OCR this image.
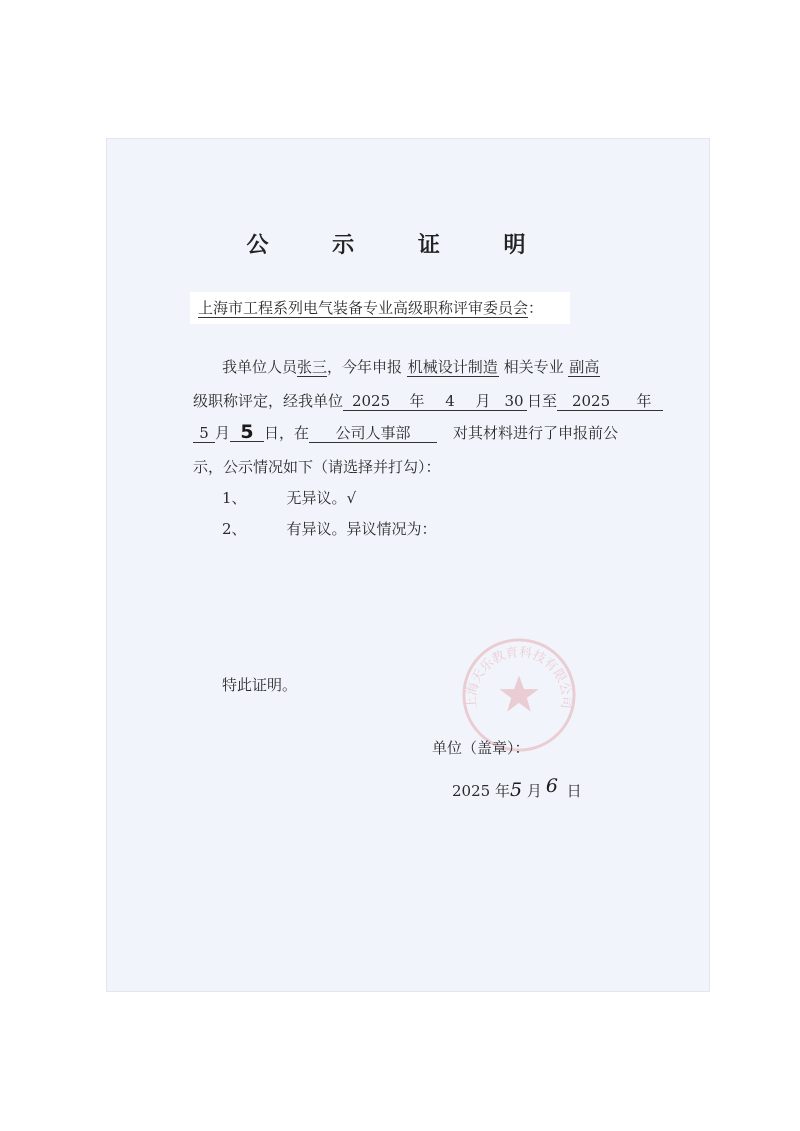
公 示 证 明
上海市工程系列电气装备专业高级职称评审委员会：
我单位人员张三，今年申报 机械设计制造 相关专业 副高
级职称评定，经我单位 2025 年 4 月 30 日至 2025 年
5 月 5 日，在 公司人事部	对其材料进行了申报前公
示，公示情况如下（请选择并打勾）：
1、	无异议。√
2、	有异议。异议情况为：
上海天乐教育科技有限公司
特此证明。
单位（盖章）：
2025 年5 月 6 日
